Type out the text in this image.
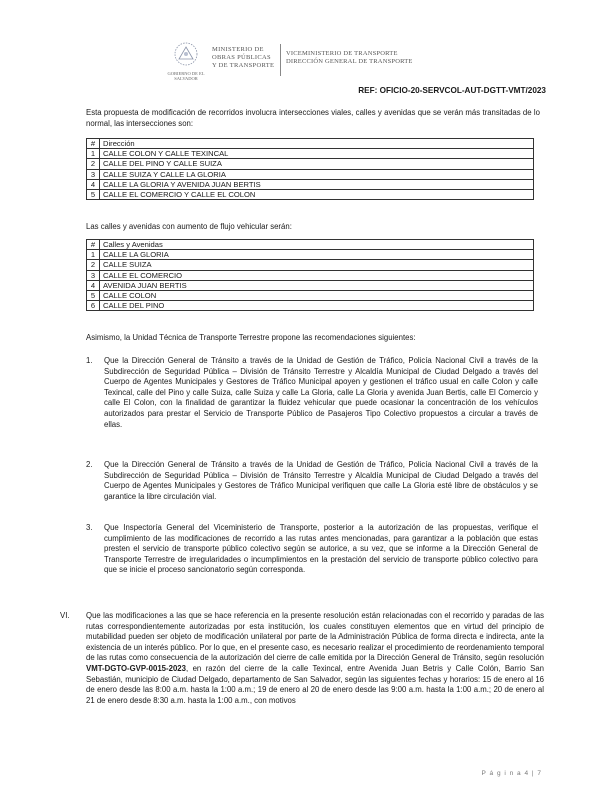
GOBIERNO DE EL SALVADOR
MINISTERIO DE
OBRAS PÚBLICAS
Y DE TRANSPORTE
VICEMINISTERIO DE TRANSPORTE
DIRECCIÓN GENERAL DE TRANSPORTE
REF: OFICIO-20-SERVCOL-AUT-DGTT-VMT/2023
Esta propuesta de modificación de recorridos involucra intersecciones viales, calles y avenidas que se verán más transitadas de lo normal, las intersecciones son:
#	Dirección
1	CALLE COLON Y CALLE TEXINCAL
2	CALLE DEL PINO Y CALLE SUIZA
3	CALLE SUIZA Y CALLE LA GLORIA
4	CALLE LA GLORIA Y AVENIDA JUAN BERTIS
5	CALLE EL COMERCIO Y CALLE EL COLON
Las calles y avenidas con aumento de flujo vehicular serán:
#	Calles y Avenidas
1	CALLE LA GLORIA
2	CALLE SUIZA
3	CALLE EL COMERCIO
4	AVENIDA JUAN BERTIS
5	CALLE COLON
6	CALLE DEL PINO
Asimismo, la Unidad Técnica de Transporte Terrestre propone las recomendaciones siguientes:
1. Que la Dirección General de Tránsito a través de la Unidad de Gestión de Tráfico, Policía Nacional Civil a través de la Subdirección de Seguridad Pública – División de Tránsito Terrestre y Alcaldía Municipal de Ciudad Delgado a través del Cuerpo de Agentes Municipales y Gestores de Tráfico Municipal apoyen y gestionen el tráfico usual en calle Colon y calle Texincal, calle del Pino y calle Suiza, calle Suiza y calle La Gloria, calle La Gloria y avenida Juan Bertis, calle El Comercio y calle El Colon, con la finalidad de garantizar la fluidez vehicular que puede ocasionar la concentración de los vehículos autorizados para prestar el Servicio de Transporte Público de Pasajeros Tipo Colectivo propuestos a circular a través de ellas.
2. Que la Dirección General de Tránsito a través de la Unidad de Gestión de Tráfico, Policía Nacional Civil a través de la Subdirección de Seguridad Pública – División de Tránsito Terrestre y Alcaldía Municipal de Ciudad Delgado a través del Cuerpo de Agentes Municipales y Gestores de Tráfico Municipal verifiquen que calle La Gloria esté libre de obstáculos y se garantice la libre circulación vial.
3. Que Inspectoría General del Viceministerio de Transporte, posterior a la autorización de las propuestas, verifique el cumplimiento de las modificaciones de recorrido a las rutas antes mencionadas, para garantizar a la población que estas presten el servicio de transporte público colectivo según se autorice, a su vez, que se informe a la Dirección General de Transporte Terrestre de irregularidades o incumplimientos en la prestación del servicio de transporte público colectivo para que se inicie el proceso sancionatorio según corresponda.
VI. Que las modificaciones a las que se hace referencia en la presente resolución están relacionadas con el recorrido y paradas de las rutas correspondientemente autorizadas por esta institución, los cuales constituyen elementos que en virtud del principio de mutabilidad pueden ser objeto de modificación unilateral por parte de la Administración Pública de forma directa e indirecta, ante la existencia de un interés público. Por lo que, en el presente caso, es necesario realizar el procedimiento de reordenamiento temporal de las rutas como consecuencia de la autorización del cierre de calle emitida por la Dirección General de Tránsito, según resolución VMT-DGTO-GVP-0015-2023, en razón del cierre de la calle Texincal, entre Avenida Juan Betris y Calle Colón, Barrio San Sebastián, municipio de Ciudad Delgado, departamento de San Salvador, según las siguientes fechas y horarios: 15 de enero al 16 de enero desde las 8:00 a.m. hasta la 1:00 a.m.; 19 de enero al 20 de enero desde las 9:00 a.m. hasta la 1:00 a.m.; 20 de enero al 21 de enero desde 8:30 a.m. hasta la 1:00 a.m., con motivos
P á g i n a 4 | 7
